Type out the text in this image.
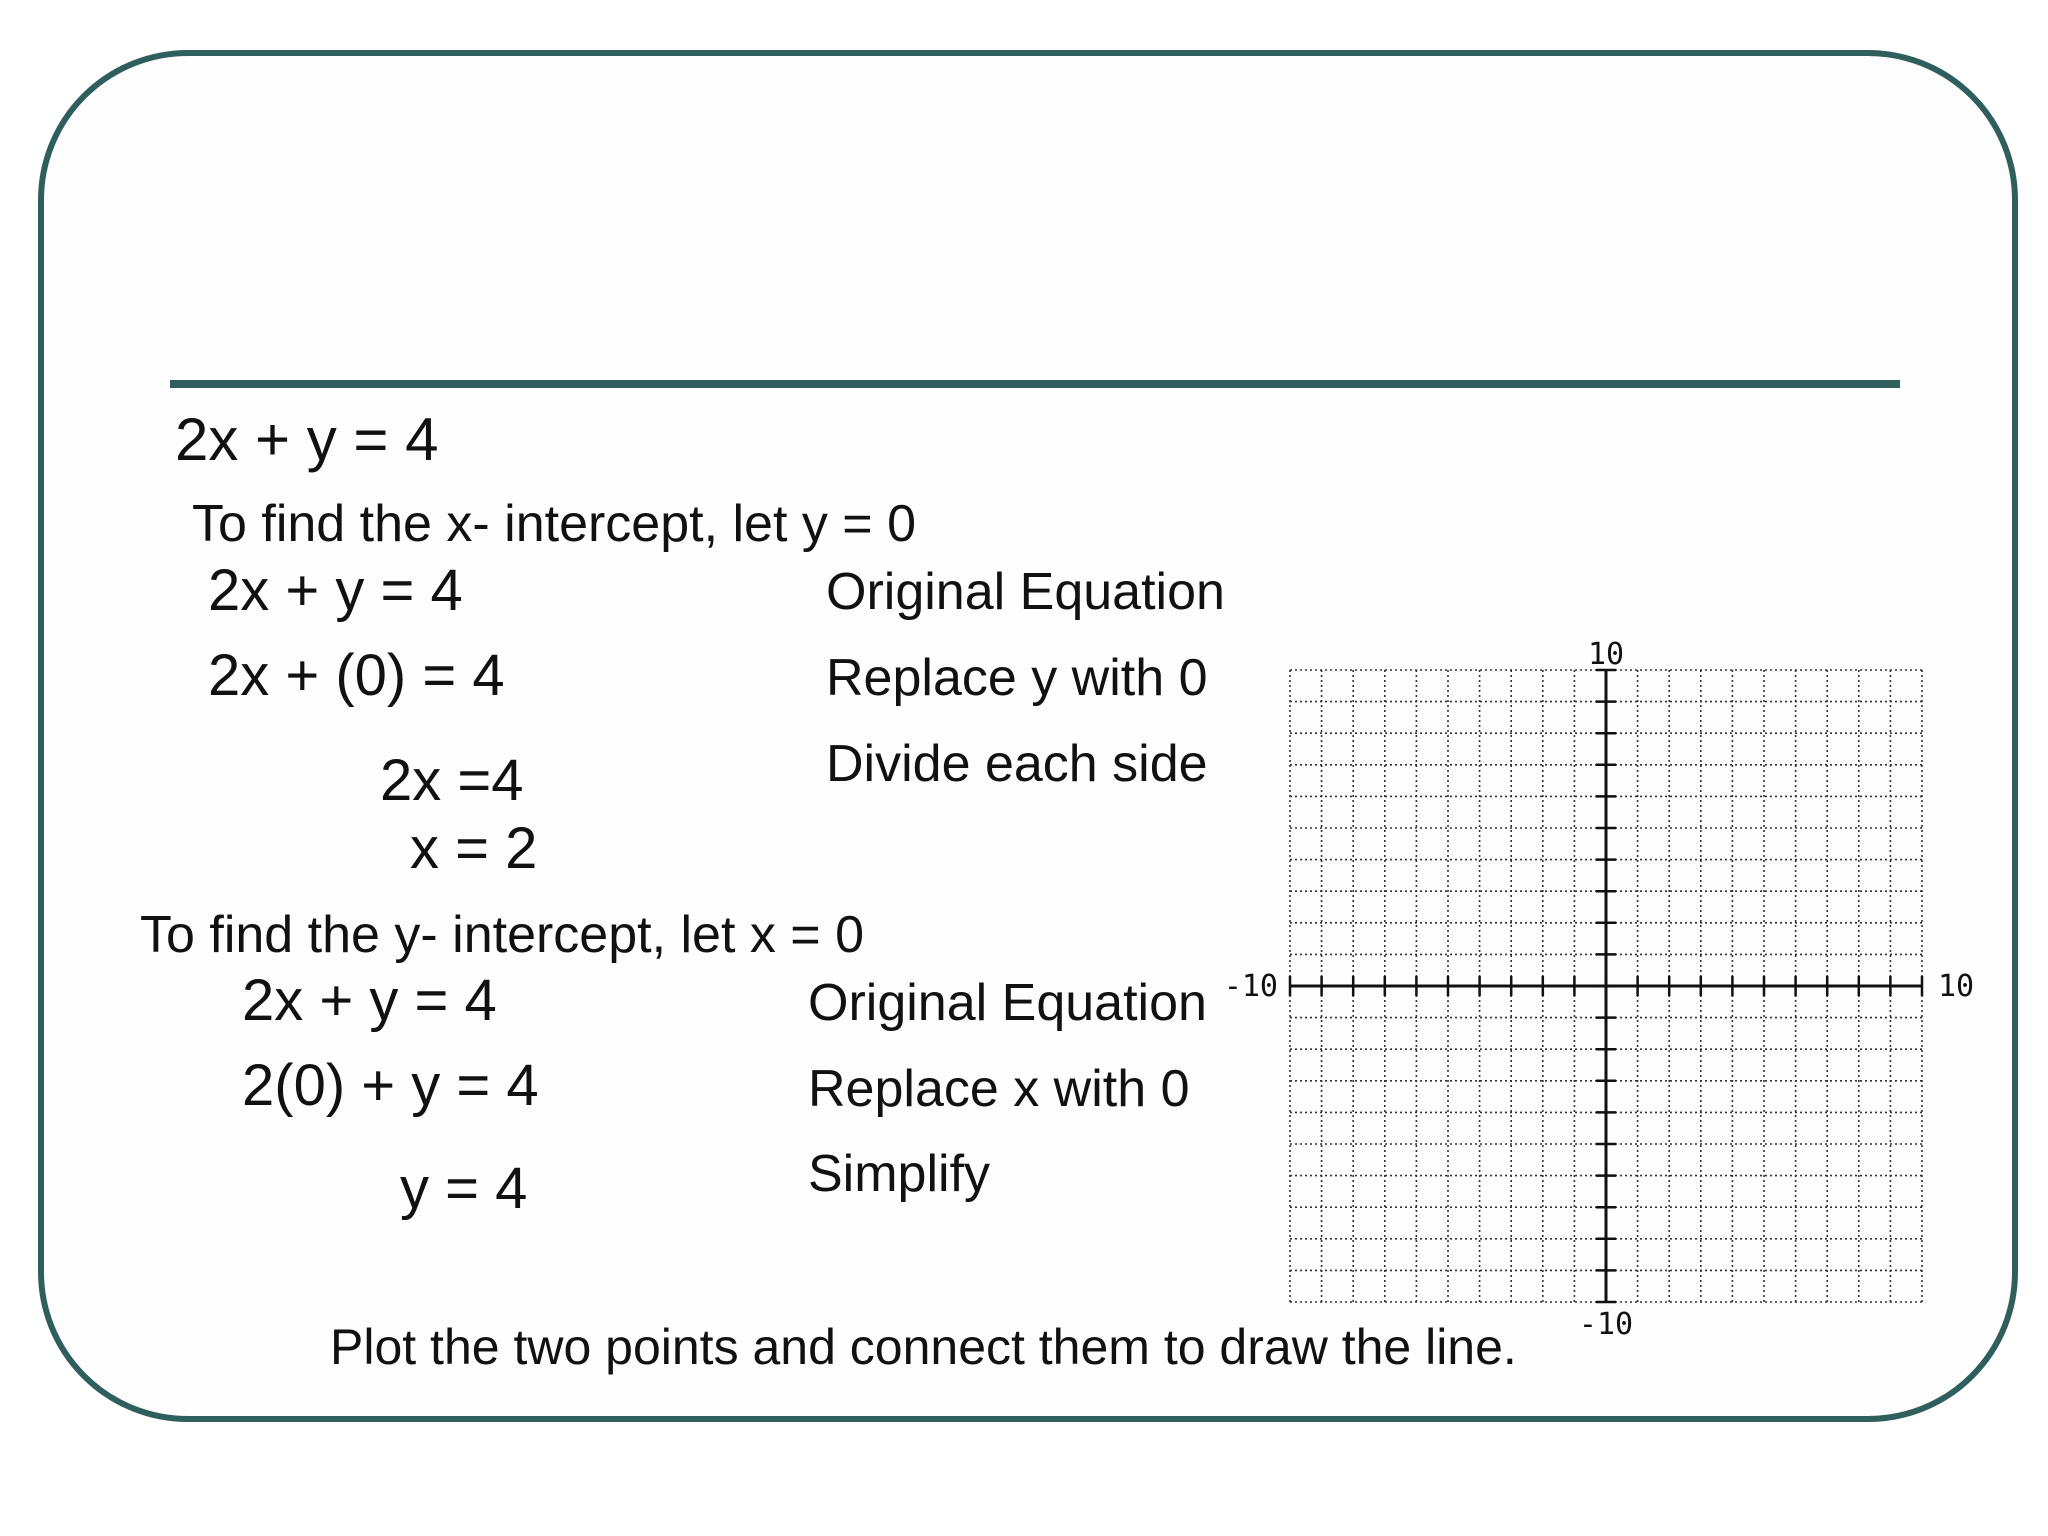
2x + y = 4
To find the x- intercept, let y = 0
2x + y = 4	Original Equation
2x + (0) = 4	Replace y with 0
2x =4	Divide each side
x = 2
To find the y- intercept, let x = 0
2x + y = 4	Original Equation
2(0) + y = 4	Replace x with 0
y = 4	Simplify
Plot the two points and connect them to draw the line.
10
-10
-10	10
